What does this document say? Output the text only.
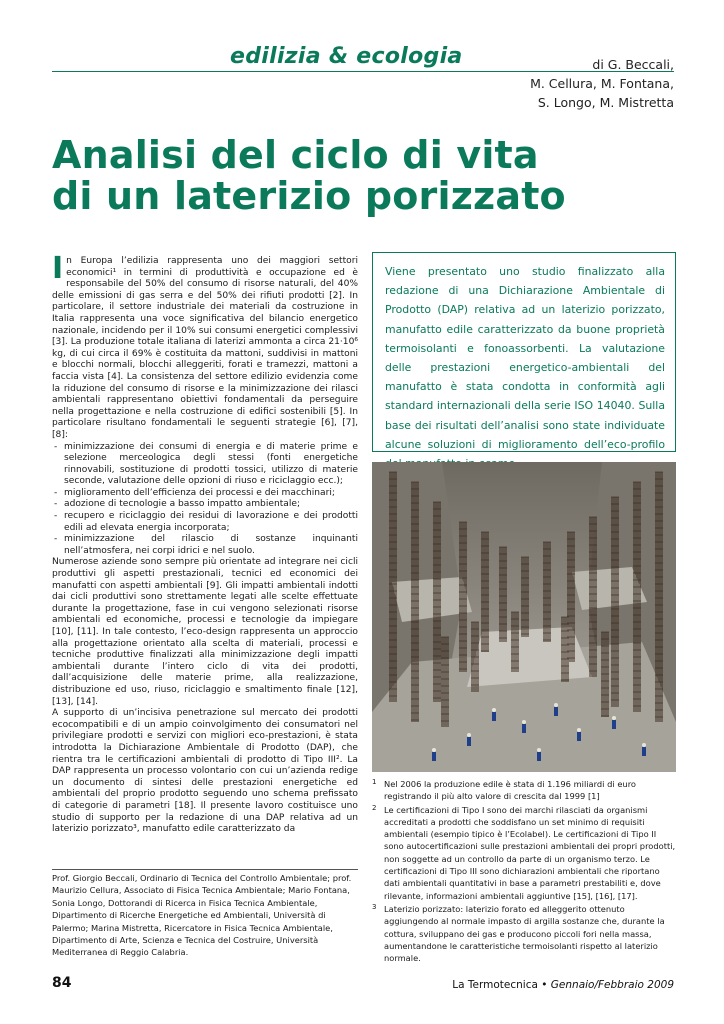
edilizia & ecologia	di G. Beccali,
M. Cellura, M. Fontana,
S. Longo, M. Mistretta
Analisi del ciclo di vita
di un laterizio porizzato

In Europa l’edilizia rappresenta uno dei maggiori settori economici¹ in termini di produttività e occupazione ed è responsabile del 50% del consumo di risorse naturali, del 40% delle emissioni di gas serra e del 50% dei rifiuti prodotti [2]. In particolare, il settore industriale dei materiali da costruzione in Italia rappresenta una voce significativa del bilancio energetico nazionale, incidendo per il 10% sui consumi energetici complessivi [3]. La produzione totale italiana di laterizi ammonta a circa 21·10⁶ kg, di cui circa il 69% è costituita da mattoni, suddivisi in mattoni e blocchi normali, blocchi alleggeriti, forati e tramezzi, mattoni a faccia vista [4]. La consistenza del settore edilizio evidenzia come la riduzione del consumo di risorse e la minimizzazione dei rilasci ambientali rappresentano obiettivi fondamentali da perseguire nella progettazione e nella costruzione di edifici sostenibili [5]. In particolare risultano fondamentali le seguenti strategie [6], [7], [8]:

- minimizzazione dei consumi di energia e di materie prime e selezione merceologica degli stessi (fonti energetiche rinnovabili, sostituzione di prodotti tossici, utilizzo di materie seconde, valutazione delle opzioni di riuso e riciclaggio ecc.);
- miglioramento dell’efficienza dei processi e dei macchinari;
- adozione di tecnologie a basso impatto ambientale;
- recupero e riciclaggio dei residui di lavorazione e dei prodotti edili ad elevata energia incorporata;
- minimizzazione del rilascio di sostanze inquinanti nell’atmosfera, nei corpi idrici e nel suolo.

Numerose aziende sono sempre più orientate ad integrare nei cicli produttivi gli aspetti prestazionali, tecnici ed economici dei manufatti con aspetti ambientali [9]. Gli impatti ambientali indotti dai cicli produttivi sono strettamente legati alle scelte effettuate durante la progettazione, fase in cui vengono selezionati risorse ambientali ed economiche, processi e tecnologie da impiegare [10], [11]. In tale contesto, l’eco-design rappresenta un approccio alla progettazione orientato alla scelta di materiali, processi e tecniche produttive finalizzati alla minimizzazione degli impatti ambientali durante l’intero ciclo di vita dei prodotti, dall’acquisizione delle materie prime, alla realizzazione, distribuzione ed uso, riuso, riciclaggio e smaltimento finale [12], [13], [14].

A supporto di un’incisiva penetrazione sul mercato dei prodotti ecocompatibili e di un ampio coinvolgimento dei consumatori nel privilegiare prodotti e servizi con migliori eco-prestazioni, è stata introdotta la Dichiarazione Ambientale di Prodotto (DAP), che rientra tra le certificazioni ambientali di prodotto di Tipo III². La DAP rappresenta un processo volontario con cui un’azienda redige un documento di sintesi delle prestazioni energetiche ed ambientali del proprio prodotto seguendo uno schema prefissato di categorie di parametri [18]. Il presente lavoro costituisce uno studio di supporto per la redazione di una DAP relativa ad un laterizio porizzato³, manufatto edile caratterizzato da

Viene presentato uno studio finalizzato alla redazione di una Dichiarazione Ambientale di Prodotto (DAP) relativa ad un laterizio porizzato, manufatto edile caratterizzato da buone proprietà termoisolanti e fonoassorbenti. La valutazione delle prestazioni energetico-ambientali del manufatto è stata condotta in conformità agli standard internazionali della serie ISO 14040. Sulla base dei risultati dell’analisi sono state individuate alcune soluzioni di miglioramento dell’eco-profilo
1 Nel 2006 la produzione edile è stata di 1.196 miliardi di euro registrando il più alto valore di crescita dal 1999 [1]
2 Le certificazioni di Tipo I sono dei marchi rilasciati da organismi accreditati a prodotti che soddisfano un set minimo di requisiti ambientali (esempio tipico è l’Ecolabel). Le certificazioni di Tipo II sono autocertificazioni sulle prestazioni ambientali dei propri prodotti, non soggette ad un controllo da parte di un organismo terzo. Le certificazioni di Tipo III sono dichiarazioni ambientali che riportano dati ambientali quantitativi in base a parametri prestabiliti e, dove rilevante, informazioni ambientali aggiuntive [15], [16], [17].
3 Laterizio porizzato: laterizio forato ed alleggerito ottenuto aggiungendo al normale impasto di argilla sostanze che, durante la cottura, sviluppano dei gas e producono piccoli fori nella massa, aumentandone le caratteristiche termoisolanti rispetto al laterizio normale.
Prof. Giorgio Beccali, Ordinario di Tecnica del Controllo Ambientale; prof. Maurizio Cellura, Associato di Fisica Tecnica Ambientale; Mario Fontana, Sonia Longo, Dottorandi di Ricerca in Fisica Tecnica Ambientale, Dipartimento di Ricerche Energetiche ed Ambientali, Università di Palermo; Marina Mistretta, Ricercatore in Fisica Tecnica Ambientale, Dipartimento di Arte, Scienza e Tecnica del Costruire, Università Mediterranea di Reggio Calabria.
84	La Termotecnica • Gennaio/Febbraio 2009
